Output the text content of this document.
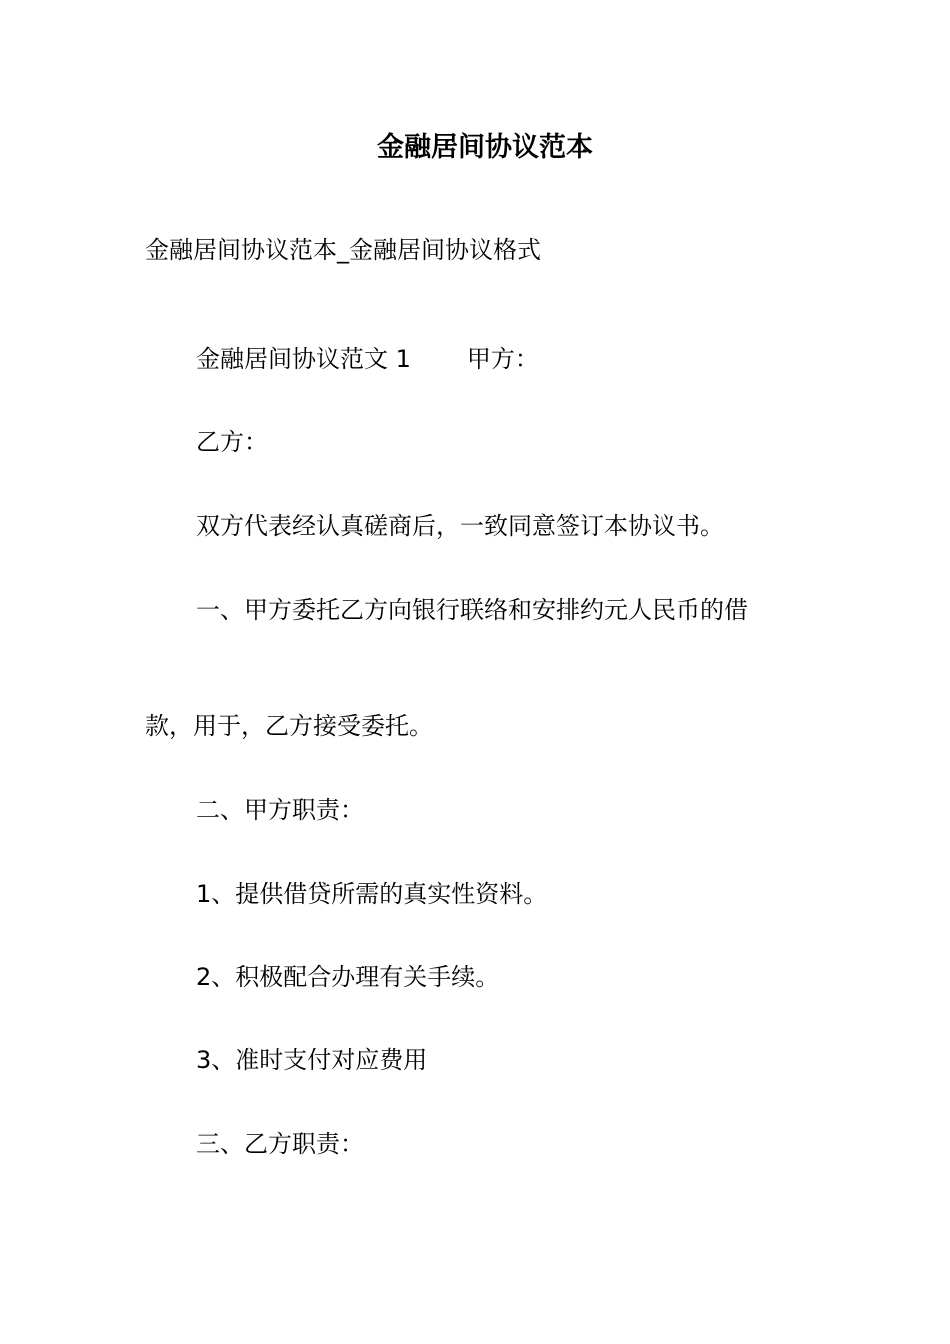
金融居间协议范本
金融居间协议范本_金融居间协议格式
金融居间协议范文 1 甲方：
乙方：
双方代表经认真磋商后，一致同意签订本协议书。
一、甲方委托乙方向银行联络和安排约元人民币的借
款，用于，乙方接受委托。
二、甲方职责：
1、提供借贷所需的真实性资料。
2、积极配合办理有关手续。
3、准时支付对应费用
三、乙方职责：
